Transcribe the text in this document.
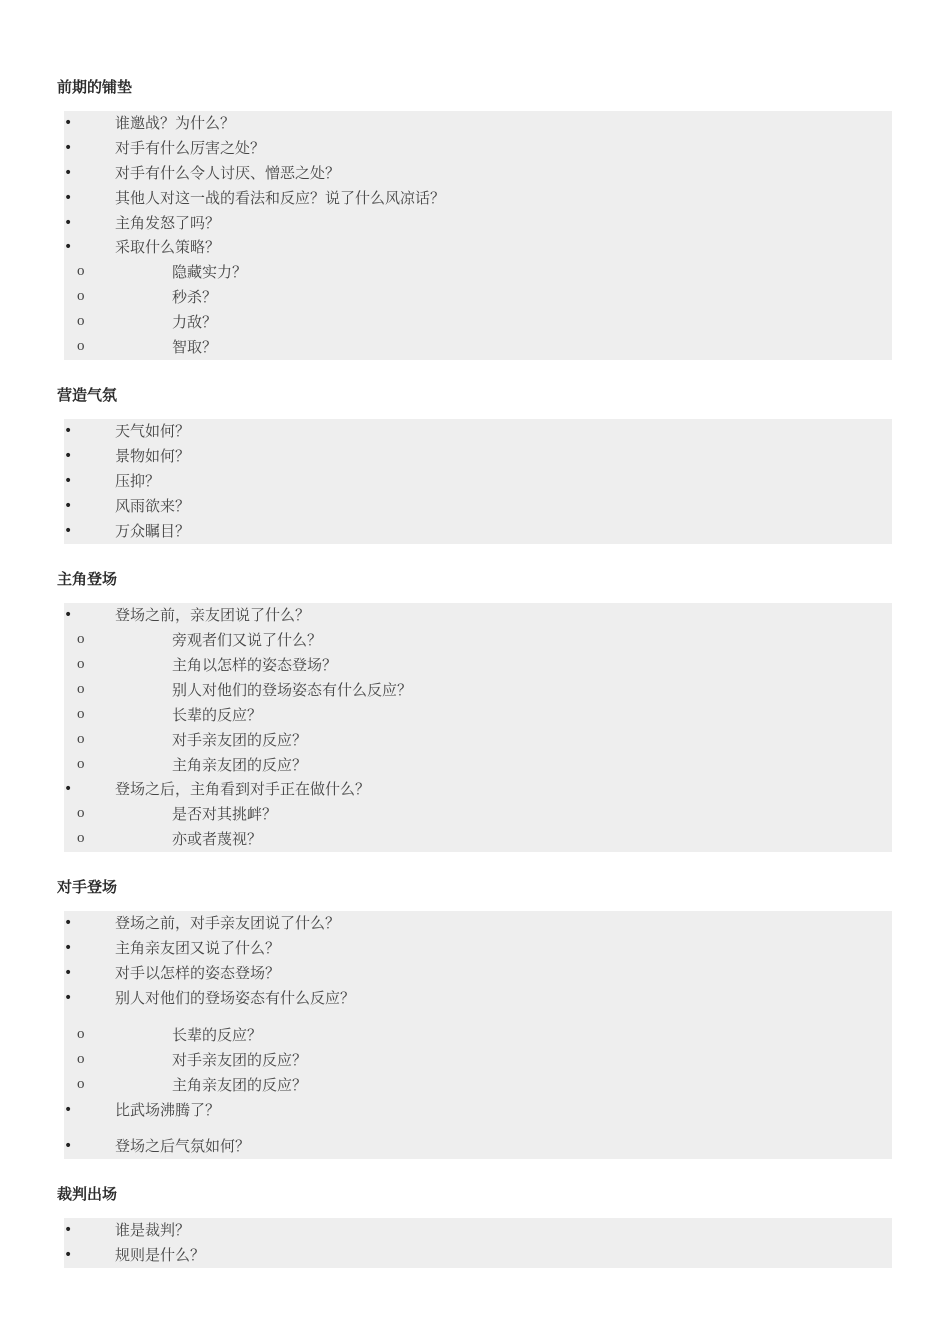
前期的铺垫
•	谁邀战？为什么？
•	对手有什么厉害之处？
•	对手有什么令人讨厌、憎恶之处？
•	其他人对这一战的看法和反应？说了什么风凉话？
•	主角发怒了吗？
•	采取什么策略？
o	隐藏实力？
o	秒杀？
o	力敌？
o	智取？
营造气氛
•	天气如何？
•	景物如何？
•	压抑？
•	风雨欲来？
•	万众瞩目？
主角登场
•	登场之前，亲友团说了什么？
o	旁观者们又说了什么？
o	主角以怎样的姿态登场？
o	别人对他们的登场姿态有什么反应？
o	长辈的反应？
o	对手亲友团的反应？
o	主角亲友团的反应？
•	登场之后，主角看到对手正在做什么？
o	是否对其挑衅？
o	亦或者蔑视？
对手登场
•	登场之前，对手亲友团说了什么？
•	主角亲友团又说了什么？
•	对手以怎样的姿态登场？
•	别人对他们的登场姿态有什么反应？
o	长辈的反应？
o	对手亲友团的反应？
o	主角亲友团的反应？
•	比武场沸腾了？
•	登场之后气氛如何？
裁判出场
•	谁是裁判？
•	规则是什么？
